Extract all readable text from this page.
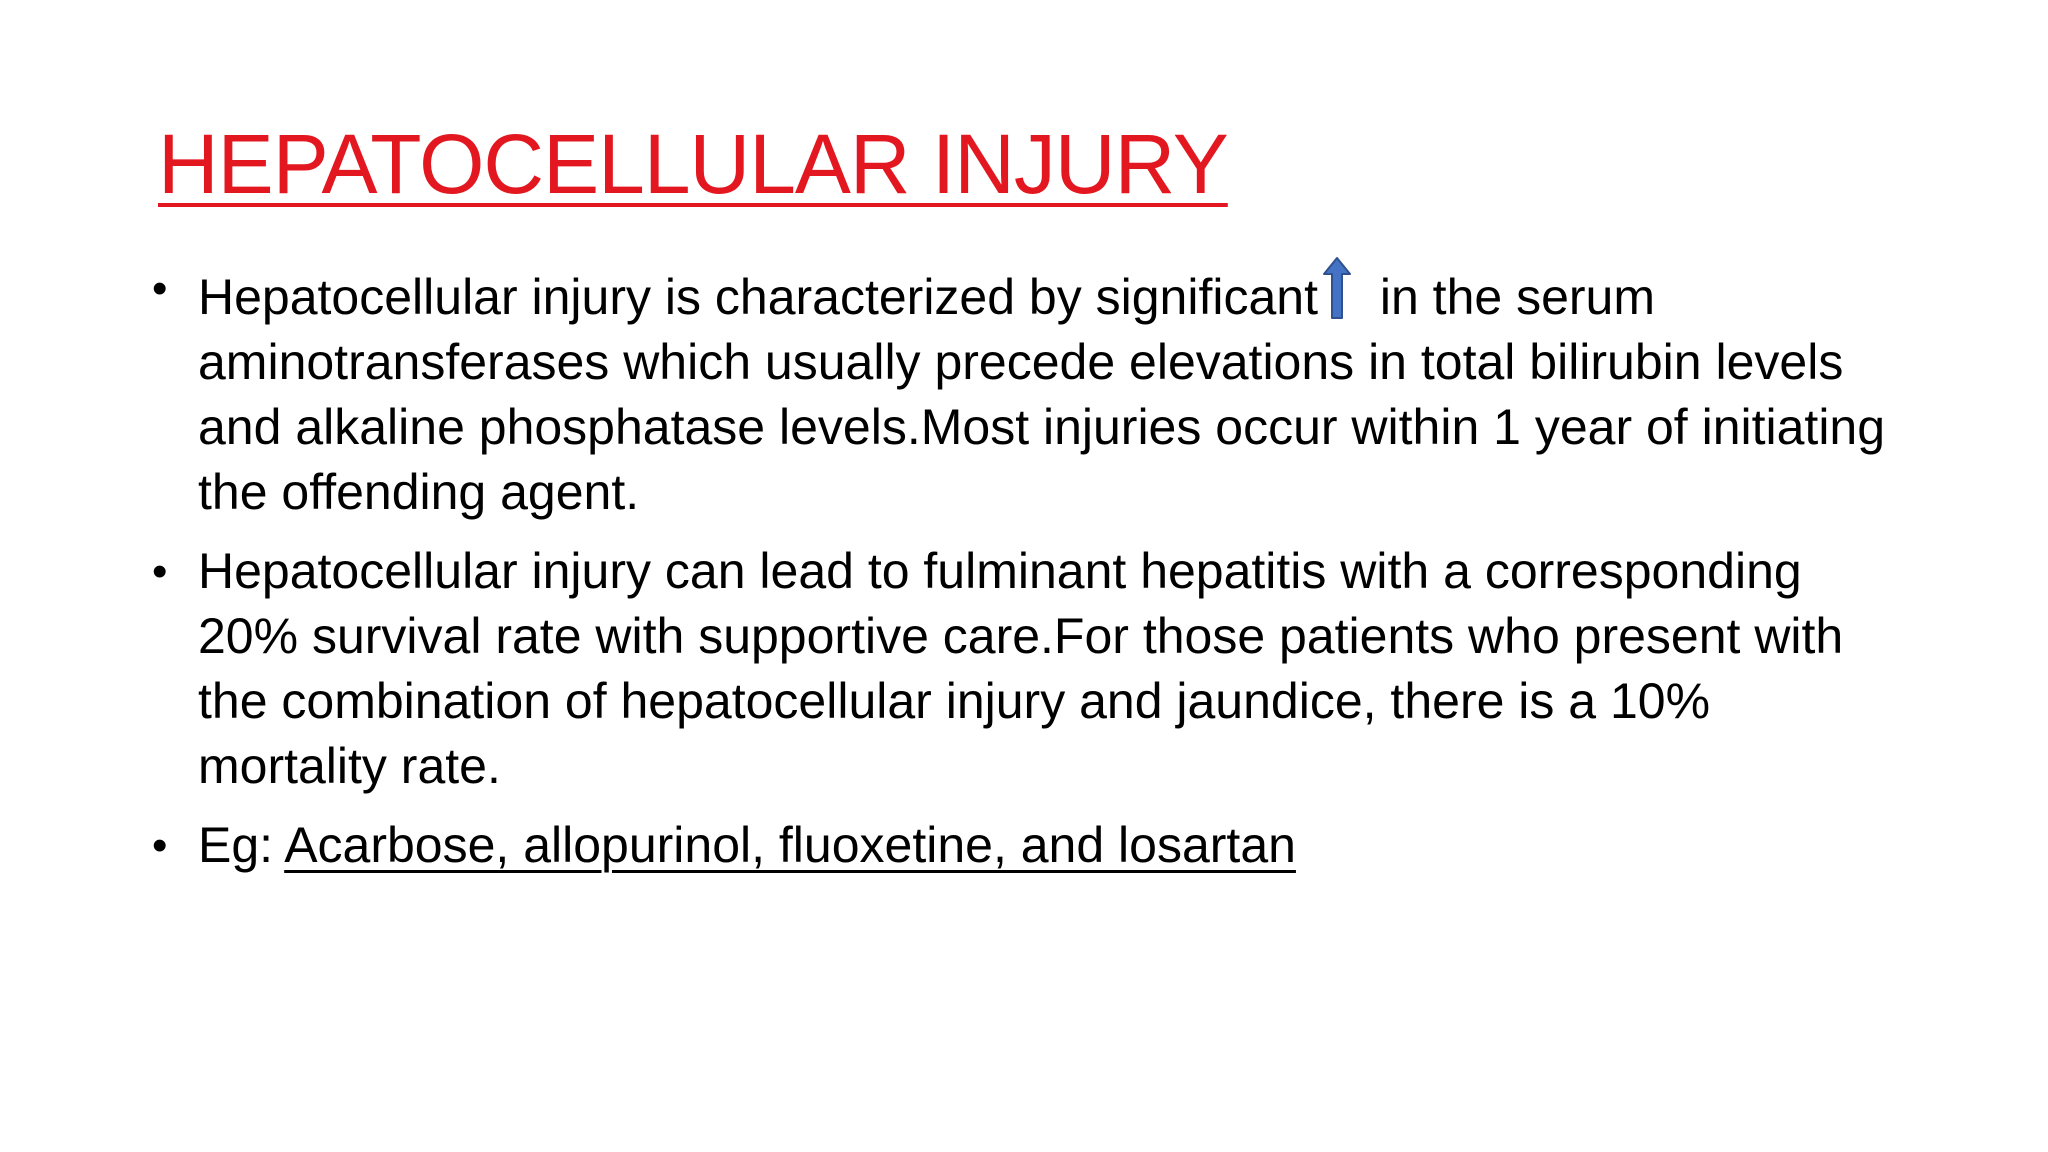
HEPATOCELLULAR INJURY
• Hepatocellular injury is characterized by significant in the serum aminotransferases which usually precede elevations in total bilirubin levels and alkaline phosphatase levels.Most injuries occur within 1 year of initiating the offending agent.
• Hepatocellular injury can lead to fulminant hepatitis with a corresponding 20% survival rate with supportive care.For those patients who present with the combination of hepatocellular injury and jaundice, there is a 10% mortality rate.
• Eg: Acarbose, allopurinol, fluoxetine, and losartan
